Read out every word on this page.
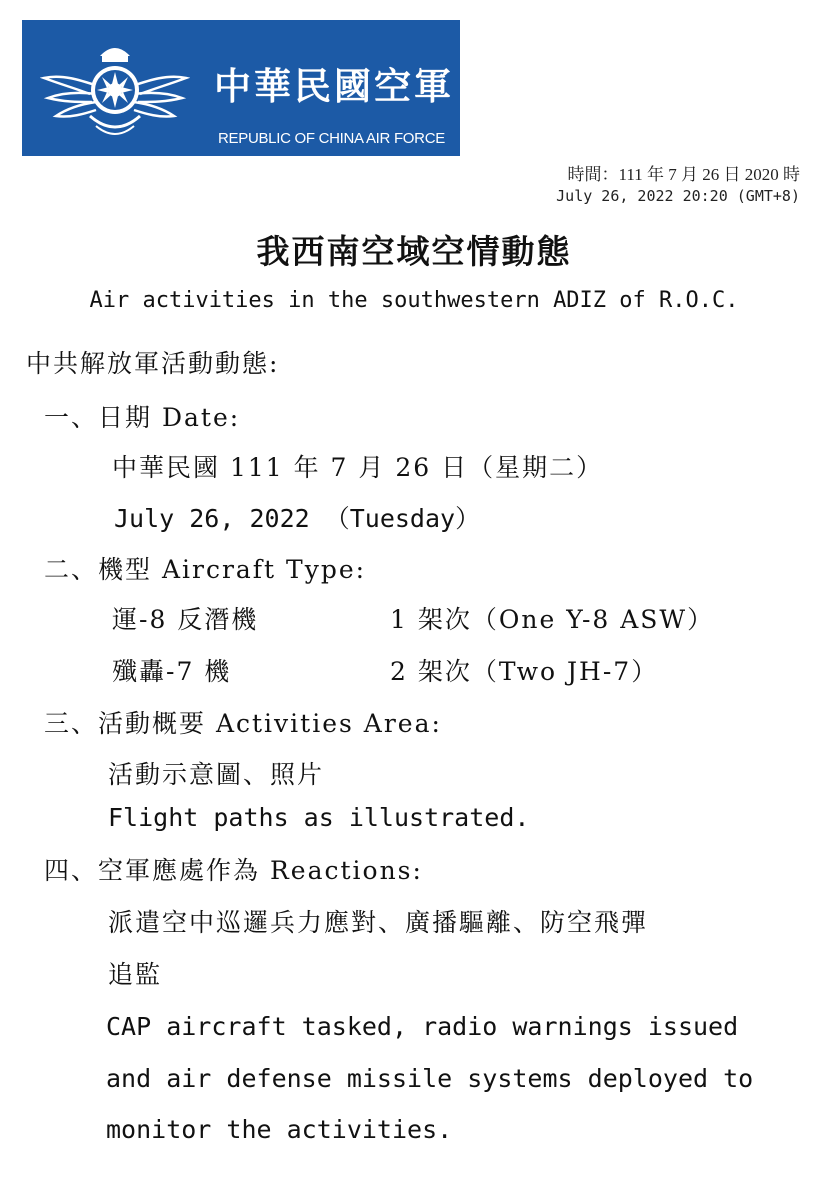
中華民國空軍
REPUBLIC OF CHINA AIR FORCE
時間：111 年 7 月 26 日 2020 時
July 26, 2022 20:20 (GMT+8)
我西南空域空情動態
Air activities in the southwestern ADIZ of R.O.C.
中共解放軍活動動態:
一、日期 Date:
中華民國 111 年 7 月 26 日（星期二）
July 26, 2022 （Tuesday）
二、機型 Aircraft Type:
運-8 反潛機	1 架次（One Y-8 ASW）
殲轟-7 機	2 架次（Two JH-7）
三、活動概要 Activities Area:
活動示意圖、照片
Flight paths as illustrated.
四、空軍應處作為 Reactions:
派遣空中巡邏兵力應對、廣播驅離、防空飛彈
追監
CAP aircraft tasked, radio warnings issued
and air defense missile systems deployed to
monitor the activities.
